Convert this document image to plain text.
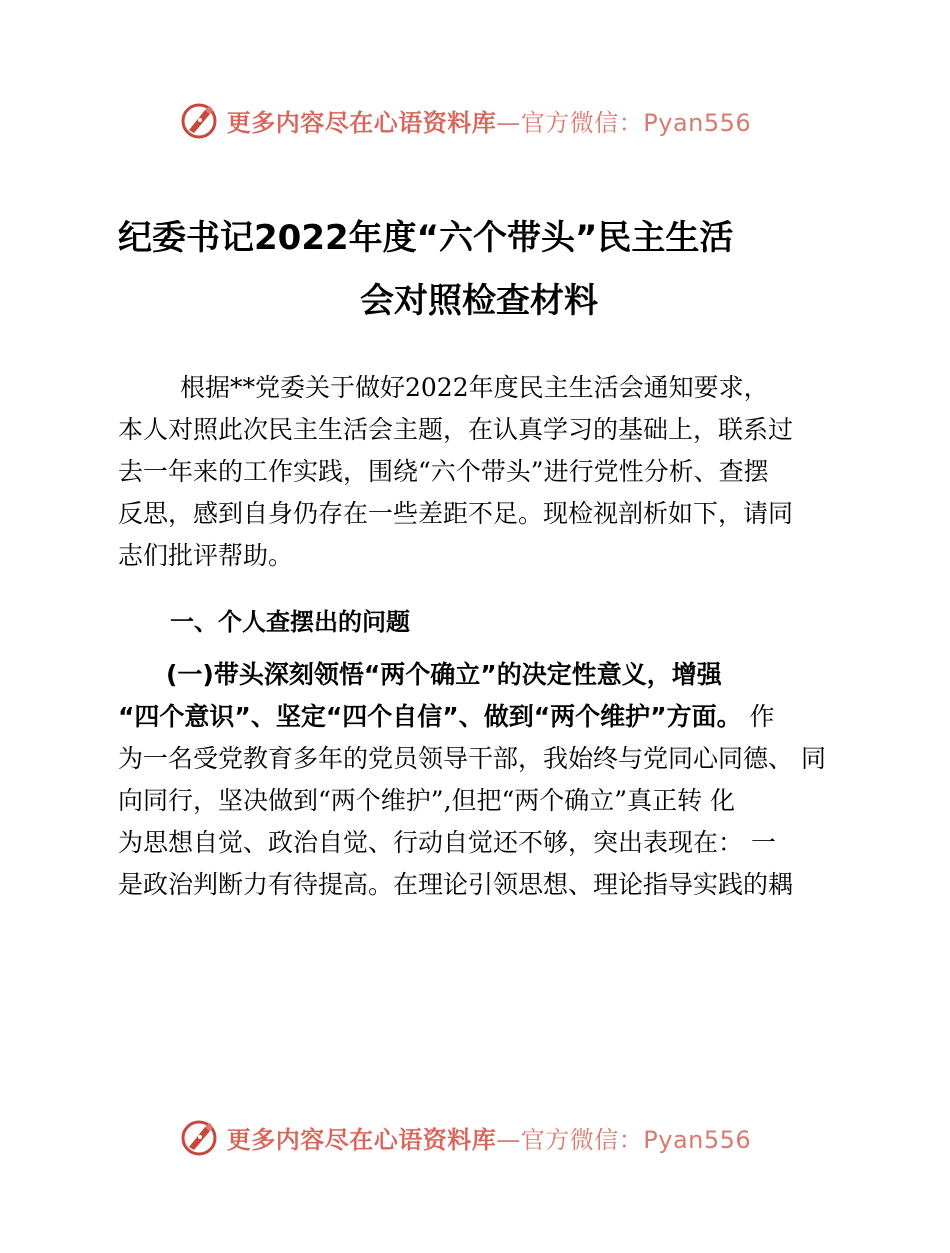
更多内容尽在心语资料库—官方微信：Pyan556
纪委书记2022年度“六个带头”民主生活
会对照检查材料
根据**党委关于做好2022年度民主生活会通知要求，
本人对照此次民主生活会主题，在认真学习的基础上，联系过
去一年来的工作实践，围绕“六个带头”进行党性分析、查摆
反思，感到自身仍存在一些差距不足。现检视剖析如下，请同
志们批评帮助。
一、个人查摆出的问题
(一)带头深刻领悟“两个确立”的决定性意义，增强
“四个意识”、坚定“四个自信”、做到“两个维护”方面。 作
为一名受党教育多年的党员领导干部，我始终与党同心同德、 同
向同行，坚决做到“两个维护”,但把“两个确立”真正转 化
为思想自觉、政治自觉、行动自觉还不够，突出表现在： 一
是政治判断力有待提高。在理论引领思想、理论指导实践的耦
更多内容尽在心语资料库—官方微信：Pyan556
